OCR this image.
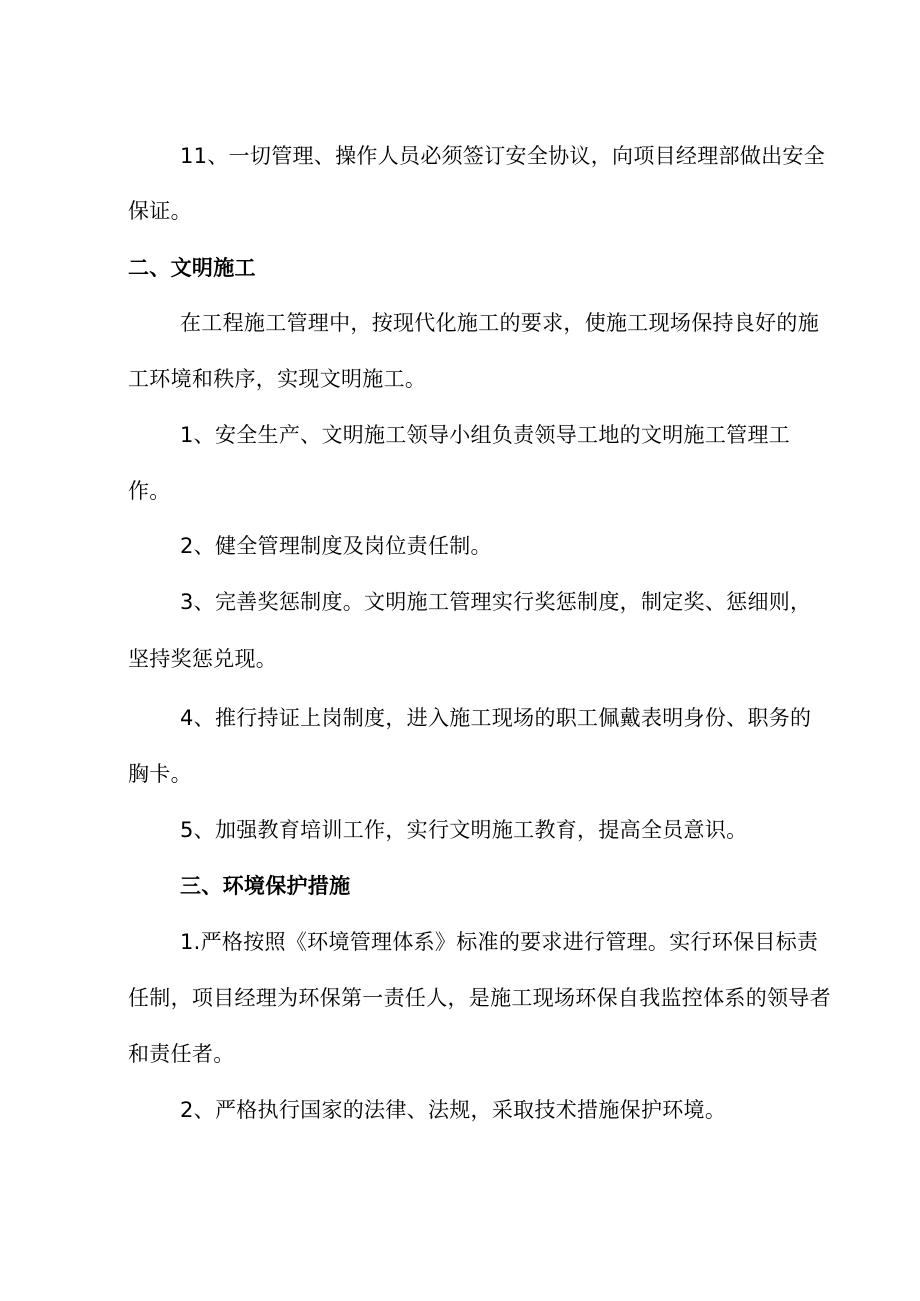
11、一切管理、操作人员必须签订安全协议，向项目经理部做出安全
保证。
二、文明施工
在工程施工管理中，按现代化施工的要求，使施工现场保持良好的施
工环境和秩序，实现文明施工。
1、安全生产、文明施工领导小组负责领导工地的文明施工管理工
作。
2、健全管理制度及岗位责任制。
3、完善奖惩制度。文明施工管理实行奖惩制度，制定奖、惩细则，
坚持奖惩兑现。
4、推行持证上岗制度，进入施工现场的职工佩戴表明身份、职务的
胸卡。
5、加强教育培训工作，实行文明施工教育，提高全员意识。
三、环境保护措施
1.严格按照《环境管理体系》标准的要求进行管理。实行环保目标责
任制，项目经理为环保第一责任人，是施工现场环保自我监控体系的领导者
和责任者。
2、严格执行国家的法律、法规，采取技术措施保护环境。
